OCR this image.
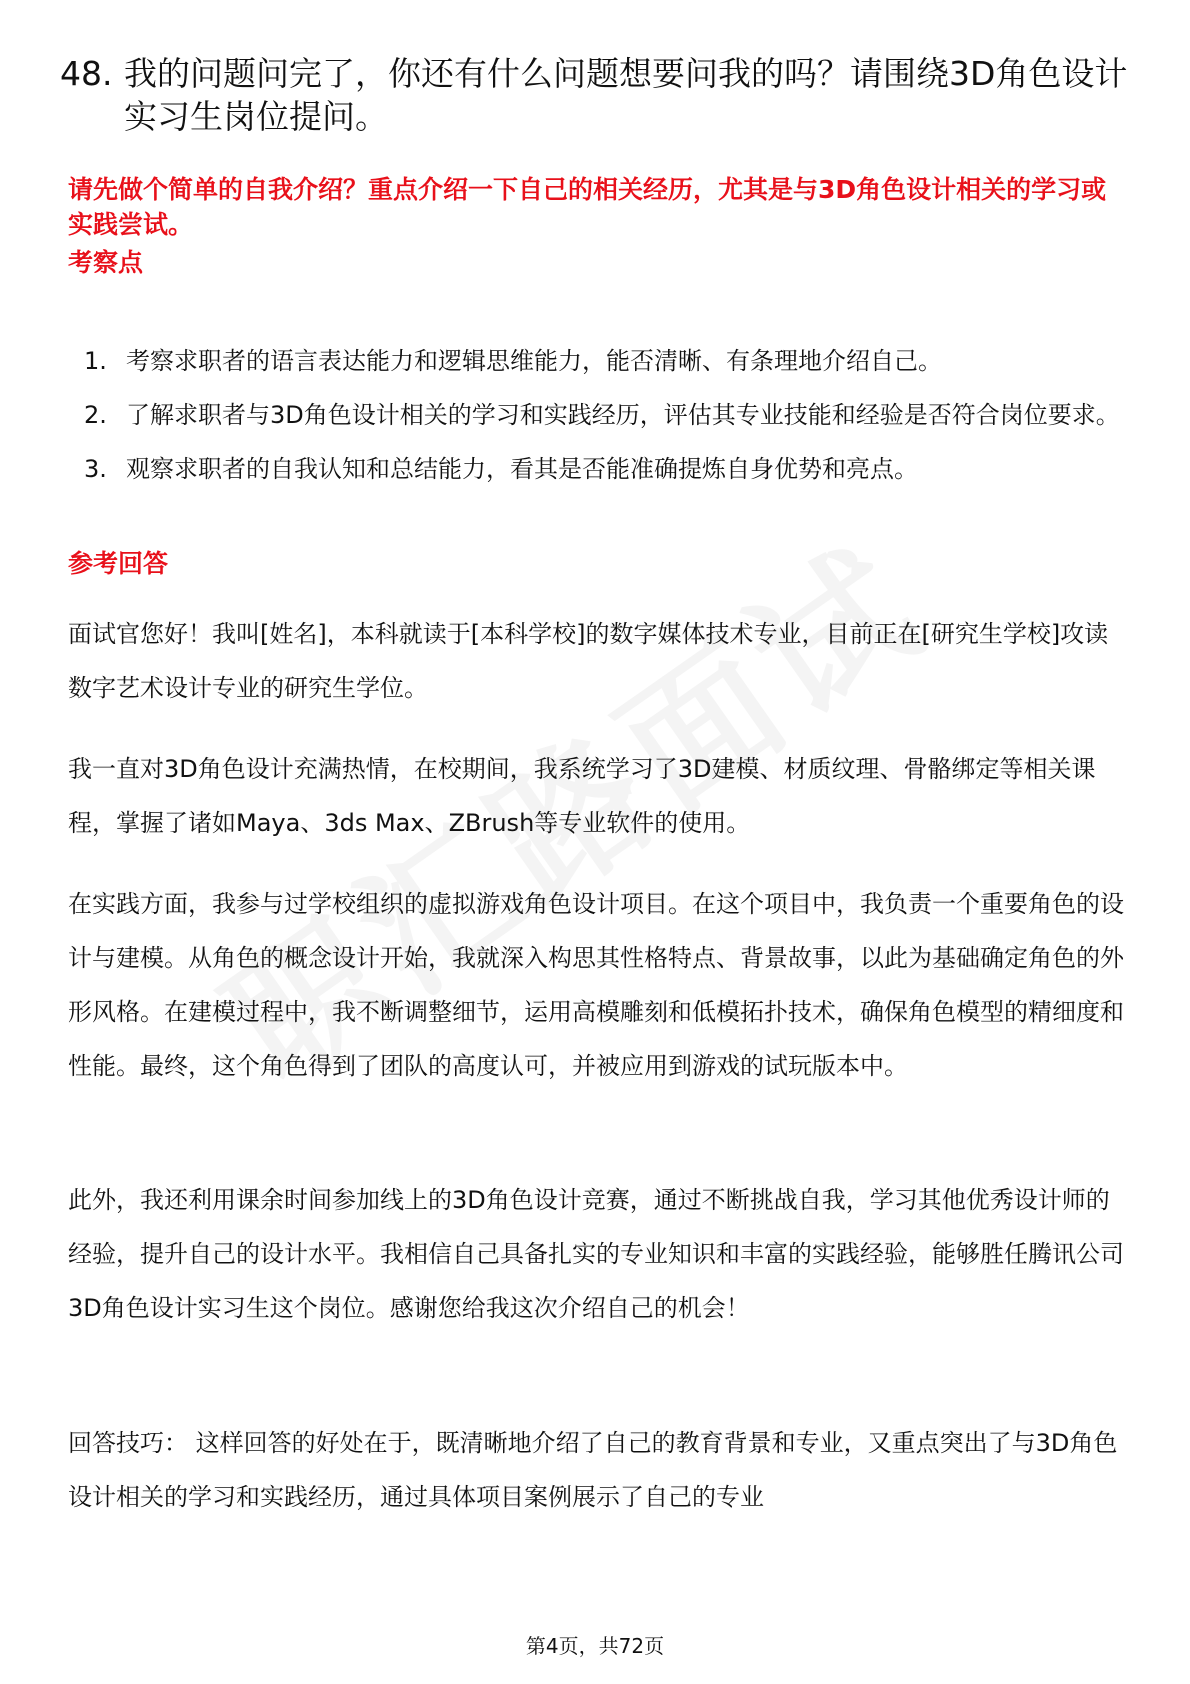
48. 我的问题问完了，你还有什么问题想要问我的吗？请围绕3D角色设计实习生岗位提问。
请先做个简单的自我介绍？重点介绍一下自己的相关经历，尤其是与3D角色设计相关的学习或实践尝试。
考察点
1. 考察求职者的语言表达能力和逻辑思维能力，能否清晰、有条理地介绍自己。
2. 了解求职者与3D角色设计相关的学习和实践经历，评估其专业技能和经验是否符合岗位要求。
3. 观察求职者的自我认知和总结能力，看其是否能准确提炼自身优势和亮点。
参考回答

面试官您好！我叫[姓名]，本科就读于[本科学校]的数字媒体技术专业，目前正在[研究生学校]攻读数字艺术设计专业的研究生学位。

我一直对3D角色设计充满热情，在校期间，我系统学习了3D建模、材质纹理、骨骼绑定等相关课程，掌握了诸如Maya、3ds Max、ZBrush等专业软件的使用。

在实践方面，我参与过学校组织的虚拟游戏角色设计项目。在这个项目中，我负责一个重要角色的设计与建模。从角色的概念设计开始，我就深入构思其性格特点、背景故事，以此为基础确定角色的外形风格。在建模过程中，我不断调整细节，运用高模雕刻和低模拓扑技术，确保角色模型的精细度和性能。最终，这个角色得到了团队的高度认可，并被应用到游戏的试玩版本中。

此外，我还利用课余时间参加线上的3D角色设计竞赛，通过不断挑战自我，学习其他优秀设计师的经验，提升自己的设计水平。我相信自己具备扎实的专业知识和丰富的实践经验，能够胜任腾讯公司3D角色设计实习生这个岗位。感谢您给我这次介绍自己的机会！

回答技巧： 这样回答的好处在于，既清晰地介绍了自己的教育背景和专业，又重点突出了与3D角色设计相关的学习和实践经历，通过具体项目案例展示了自己的专业

第4页，共72页
